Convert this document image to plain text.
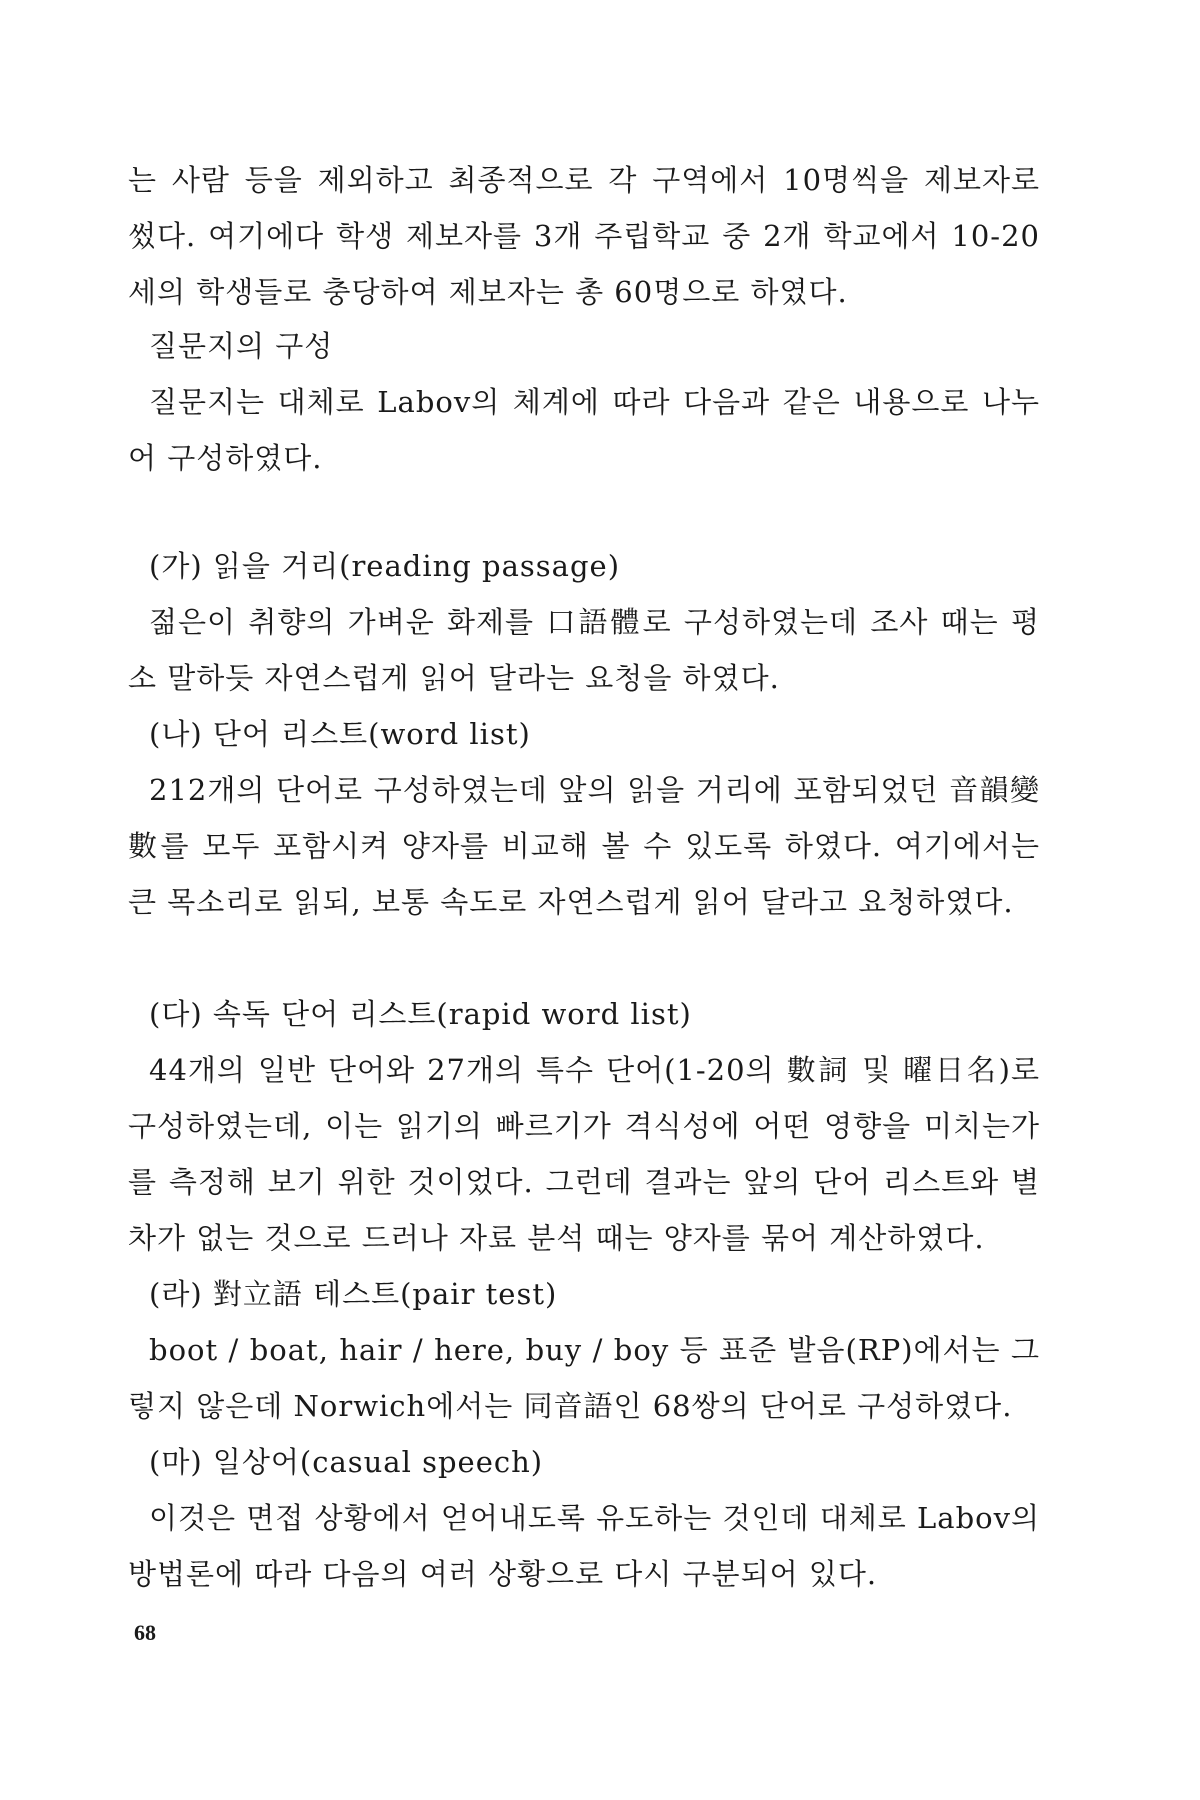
는 사람 등을 제외하고 최종적으로 각 구역에서 10명씩을 제보자로 썼다. 여기에다 학생 제보자를 3개 주립학교 중 2개 학교에서 10-20세의 학생들로 충당하여 제보자는 총 60명으로 하였다.

질문지의 구성

질문지는 대체로 Labov의 체계에 따라 다음과 같은 내용으로 나누어 구성하였다.

(가) 읽을 거리(reading passage)

젊은이 취향의 가벼운 화제를 口語體로 구성하였는데 조사 때는 평소 말하듯 자연스럽게 읽어 달라는 요청을 하였다.

(나) 단어 리스트(word list)

212개의 단어로 구성하였는데 앞의 읽을 거리에 포함되었던 音韻變數를 모두 포함시켜 양자를 비교해 볼 수 있도록 하였다. 여기에서는 큰 목소리로 읽되, 보통 속도로 자연스럽게 읽어 달라고 요청하였다.

(다) 속독 단어 리스트(rapid word list)

44개의 일반 단어와 27개의 특수 단어(1-20의 數詞 및 曜日名)로 구성하였는데, 이는 읽기의 빠르기가 격식성에 어떤 영향을 미치는가를 측정해 보기 위한 것이었다. 그런데 결과는 앞의 단어 리스트와 별 차가 없는 것으로 드러나 자료 분석 때는 양자를 묶어 계산하였다.

(라) 對立語 테스트(pair test)

boot / boat, hair / here, buy / boy 등 표준 발음(RP)에서는 그렇지 않은데 Norwich에서는 同音語인 68쌍의 단어로 구성하였다.

(마) 일상어(casual speech)

이것은 면접 상황에서 얻어내도록 유도하는 것인데 대체로 Labov의 방법론에 따라 다음의 여러 상황으로 다시 구분되어 있다.

68
